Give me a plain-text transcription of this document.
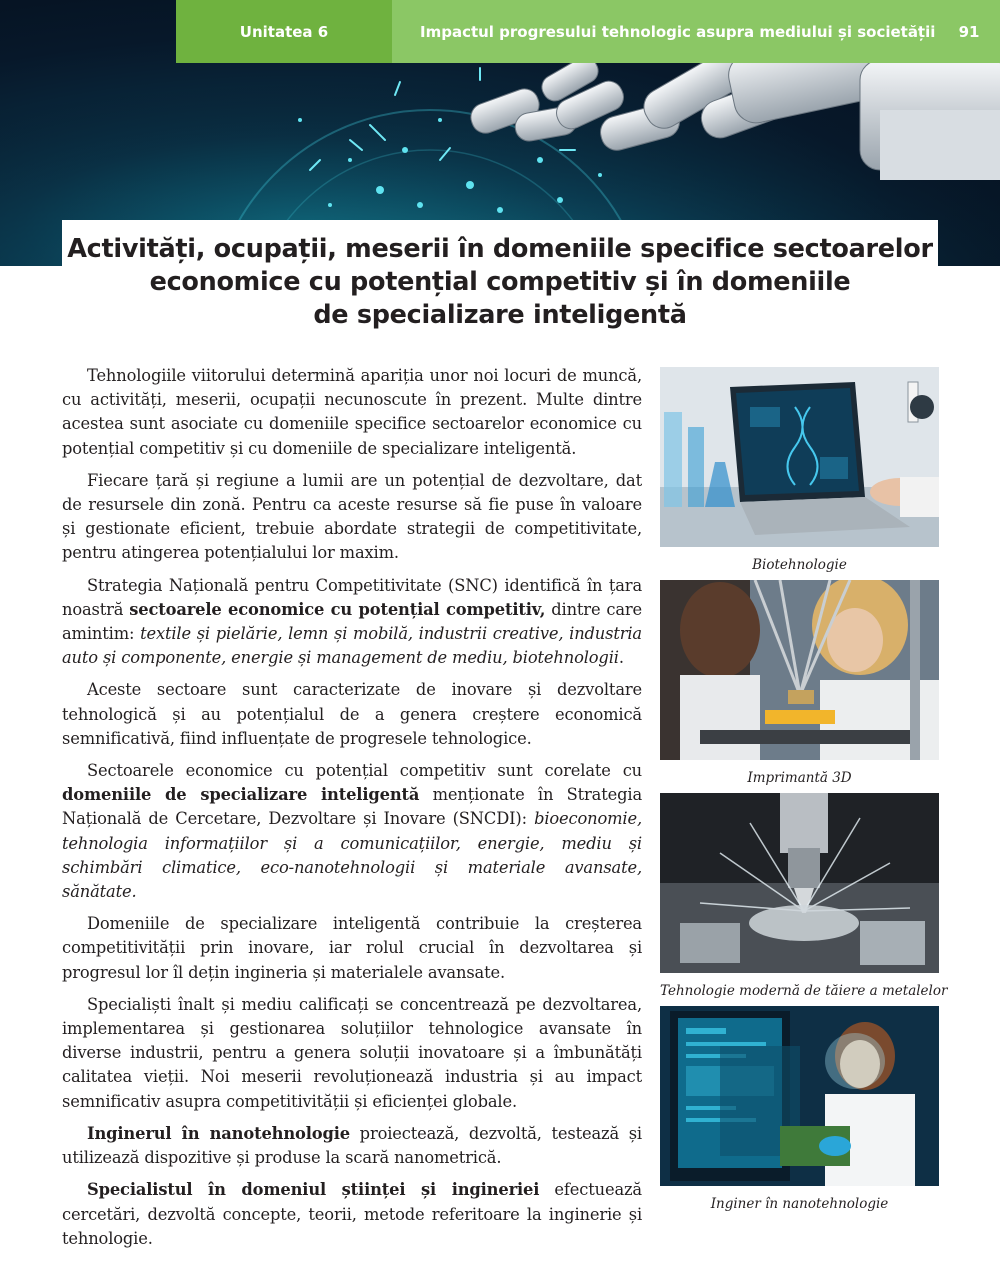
Unitatea 6	Impactul progresului tehnologic asupra mediului și societății	91
Activități, ocupații, meserii în domeniile specifice sectoarelor
economice cu potențial competitiv și în domeniile
de specializare inteligentă

Tehnologiile viitorului determină apariția unor noi locuri de muncă, cu activități, meserii, ocupații necunoscute în prezent. Multe dintre acestea sunt asociate cu domeniile specifice sectoarelor economice cu potențial competitiv și cu domeniile de specializare inteligentă.

Fiecare țară și regiune a lumii are un potențial de dezvoltare, dat de resursele din zonă. Pentru ca aceste resurse să fie puse în valoare și gestionate eficient, trebuie abordate strategii de competitivitate, pentru atingerea potențialului lor maxim.

Strategia Națională pentru Competitivitate (SNC) identifică în țara noastră sectoarele economice cu potențial competitiv, dintre care amintim: textile și pielărie, lemn și mobilă, industrii creative, industria auto și componente, energie și management de mediu, biotehnologii.

Aceste sectoare sunt caracterizate de inovare și dezvoltare tehnologică și au potențialul de a genera creștere economică semnificativă, fiind influențate de progresele tehnologice.

Sectoarele economice cu potențial competitiv sunt corelate cu domeniile de specializare inteligentă menționate în Strategia Națională de Cercetare, Dezvoltare și Inovare (SNCDI): bioeconomie, tehnologia informațiilor și a comunicațiilor, energie, mediu și schimbări climatice, eco-nanotehnologii și materiale avansate, sănătate.

Domeniile de specializare inteligentă contribuie la creșterea competitivității prin inovare, iar rolul crucial în dezvoltarea și progresul lor îl dețin ingineria și materialele avansate.

Specialiști înalt și mediu calificați se concentrează pe dezvoltarea, implementarea și gestionarea soluțiilor tehnologice avansate în diverse industrii, pentru a genera soluții inovatoare și a îmbunătăți calitatea vieții. Noi meserii revoluționează industria și au impact semnificativ asupra competitivității și eficienței globale.

Inginerul în nanotehnologie proiectează, dezvoltă, testează și utilizează dispozitive și produse la scară nanometrică.

Specialistul în domeniul științei și ingineriei efectuează cercetări, dezvoltă concepte, teorii, metode referitoare la inginerie și tehnologie.

Biotehnologie
Imprimantă 3D
Tehnologie modernă de tăiere a metalelor
Inginer în nanotehnologie
